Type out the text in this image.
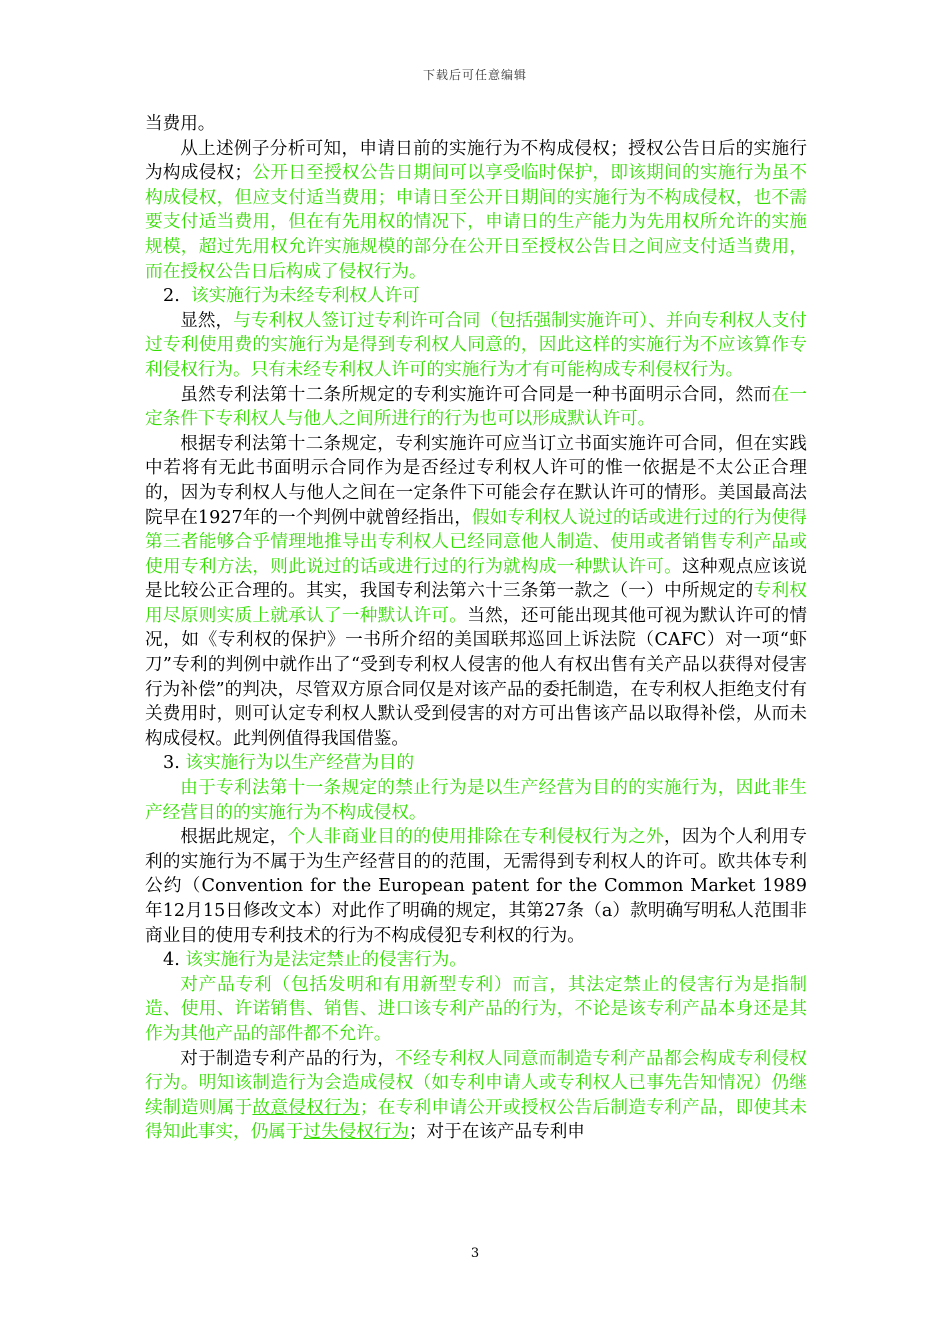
下载后可任意编辑

当费用。

从上述例子分析可知，申请日前的实施行为不构成侵权；授权公告日后的实施行为构成侵权；公开日至授权公告日期间可以享受临时保护，即该期间的实施行为虽不构成侵权，但应支付适当费用；申请日至公开日期间的实施行为不构成侵权，也不需要支付适当费用，但在有先用权的情况下，申请日的生产能力为先用权所允许的实施规模，超过先用权允许实施规模的部分在公开日至授权公告日之间应支付适当费用，而在授权公告日后构成了侵权行为。

2. 该实施行为未经专利权人许可

显然，与专利权人签订过专利许可合同（包括强制实施许可）、并向专利权人支付过专利使用费的实施行为是得到专利权人同意的，因此这样的实施行为不应该算作专利侵权行为。只有未经专利权人许可的实施行为才有可能构成专利侵权行为。

虽然专利法第十二条所规定的专利实施许可合同是一种书面明示合同，然而在一定条件下专利权人与他人之间所进行的行为也可以形成默认许可。

根据专利法第十二条规定，专利实施许可应当订立书面实施许可合同，但在实践中若将有无此书面明示合同作为是否经过专利权人许可的惟一依据是不太公正合理的，因为专利权人与他人之间在一定条件下可能会存在默认许可的情形。美国最高法院早在1927年的一个判例中就曾经指出，假如专利权人说过的话或进行过的行为使得第三者能够合乎情理地推导出专利权人已经同意他人制造、使用或者销售专利产品或使用专利方法，则此说过的话或进行过的行为就构成一种默认许可。这种观点应该说是比较公正合理的。其实，我国专利法第六十三条第一款之（一）中所规定的专利权用尽原则实质上就承认了一种默认许可。当然，还可能出现其他可视为默认许可的情况，如《专利权的保护》一书所介绍的美国联邦巡回上诉法院（CAFC）对一项“虾刀”专利的判例中就作出了“受到专利权人侵害的他人有权出售有关产品以获得对侵害行为补偿”的判决，尽管双方原合同仅是对该产品的委托制造，在专利权人拒绝支付有关费用时，则可认定专利权人默认受到侵害的对方可出售该产品以取得补偿，从而未构成侵权。此判例值得我国借鉴。

3. 该实施行为以生产经营为目的

由于专利法第十一条规定的禁止行为是以生产经营为目的的实施行为，因此非生产经营目的的实施行为不构成侵权。

根据此规定，个人非商业目的的使用排除在专利侵权行为之外，因为个人利用专利的实施行为不属于为生产经营目的的范围，无需得到专利权人的许可。欧共体专利公约（Convention for the European patent for the Common Market 1989年12月15日修改文本）对此作了明确的规定，其第27条（a）款明确写明私人范围非商业目的使用专利技术的行为不构成侵犯专利权的行为。

4. 该实施行为是法定禁止的侵害行为。

对产品专利（包括发明和有用新型专利）而言，其法定禁止的侵害行为是指制造、使用、许诺销售、销售、进口该专利产品的行为，不论是该专利产品本身还是其作为其他产品的部件都不允许。

对于制造专利产品的行为，不经专利权人同意而制造专利产品都会构成专利侵权行为。明知该制造行为会造成侵权（如专利申请人或专利权人已事先告知情况）仍继续制造则属于故意侵权行为；在专利申请公开或授权公告后制造专利产品，即使其未得知此事实，仍属于过失侵权行为；对于在该产品专利申

3
